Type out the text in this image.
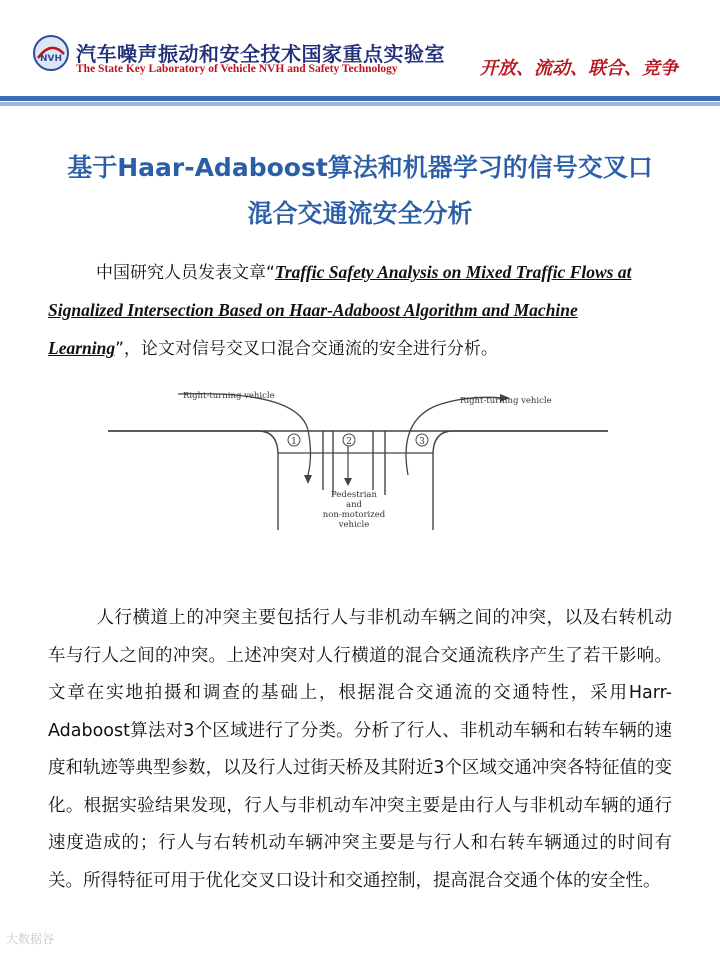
NVH 汽车噪声振动和安全技术国家重点实验室
The State Key Laboratory of Vehicle NVH and Safety Technology	开放、流动、联合、竞争
基于Haar-Adaboost算法和机器学习的信号交叉口
混合交通流安全分析
中国研究人员发表文章“Traffic Safety Analysis on Mixed Traffic Flows at Signalized Intersection Based on Haar-Adaboost Algorithm and Machine Learning”，论文对信号交叉口混合交通流的安全进行分析。
1	2	3
Right-turning vehicle	Right-turning vehicle
Pedestrian
and
non-motorized
vehicle
人行横道上的冲突主要包括行人与非机动车辆之间的冲突，以及右转机动车与行人之间的冲突。上述冲突对人行横道的混合交通流秩序产生了若干影响。文章在实地拍摄和调查的基础上，根据混合交通流的交通特性，采用Harr-Adaboost算法对3个区域进行了分类。分析了行人、非机动车辆和右转车辆的速度和轨迹等典型参数，以及行人过街天桥及其附近3个区域交通冲突各特征值的变化。根据实验结果发现，行人与非机动车冲突主要是由行人与非机动车辆的通行速度造成的；行人与右转机动车辆冲突主要是与行人和右转车辆通过的时间有关。所得特征可用于优化交叉口设计和交通控制，提高混合交通个体的安全性。
大数据谷
